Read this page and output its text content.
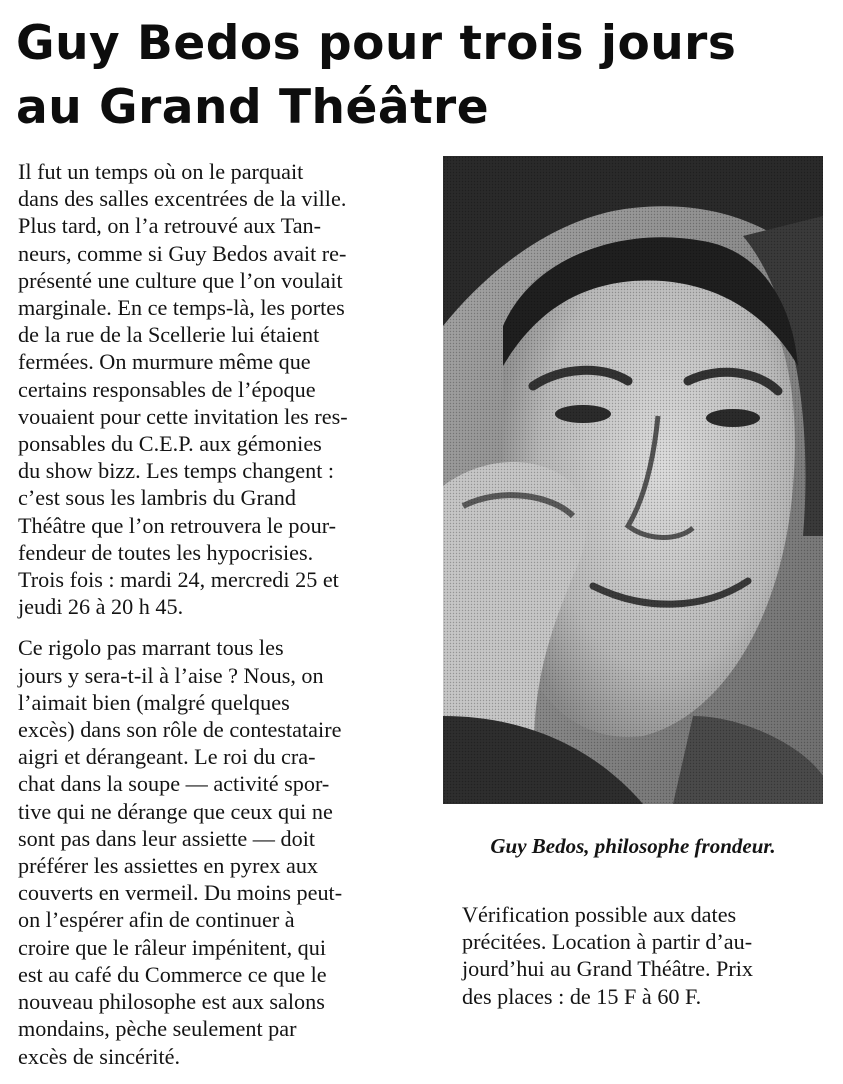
Guy Bedos pour trois jours
au Grand Théâtre

Il fut un temps où on le parquait
dans des salles excentrées de la ville.
Plus tard, on l’a retrouvé aux Tan-
neurs, comme si Guy Bedos avait re-
présenté une culture que l’on voulait
marginale. En ce temps-là, les portes
de la rue de la Scellerie lui étaient
fermées. On murmure même que
certains responsables de l’époque
vouaient pour cette invitation les res-
ponsables du C.E.P. aux gémonies
du show bizz. Les temps changent :
c’est sous les lambris du Grand
Théâtre que l’on retrouvera le pour-
fendeur de toutes les hypocrisies.
Trois fois : mardi 24, mercredi 25 et
jeudi 26 à 20 h 45.

Ce rigolo pas marrant tous les
jours y sera-t-il à l’aise ? Nous, on
l’aimait bien (malgré quelques
excès) dans son rôle de contestataire
aigri et dérangeant. Le roi du cra-
chat dans la soupe — activité spor-
tive qui ne dérange que ceux qui ne
sont pas dans leur assiette — doit
préférer les assiettes en pyrex aux
couverts en vermeil. Du moins peut-
on l’espérer afin de continuer à
croire que le râleur impénitent, qui
est au café du Commerce ce que le
nouveau philosophe est aux salons
mondains, pèche seulement par
excès de sincérité.

Guy Bedos, philosophe frondeur.

Vérification possible aux dates
précitées. Location à partir d’au-
jourd’hui au Grand Théâtre. Prix
des places : de 15 F à 60 F.
